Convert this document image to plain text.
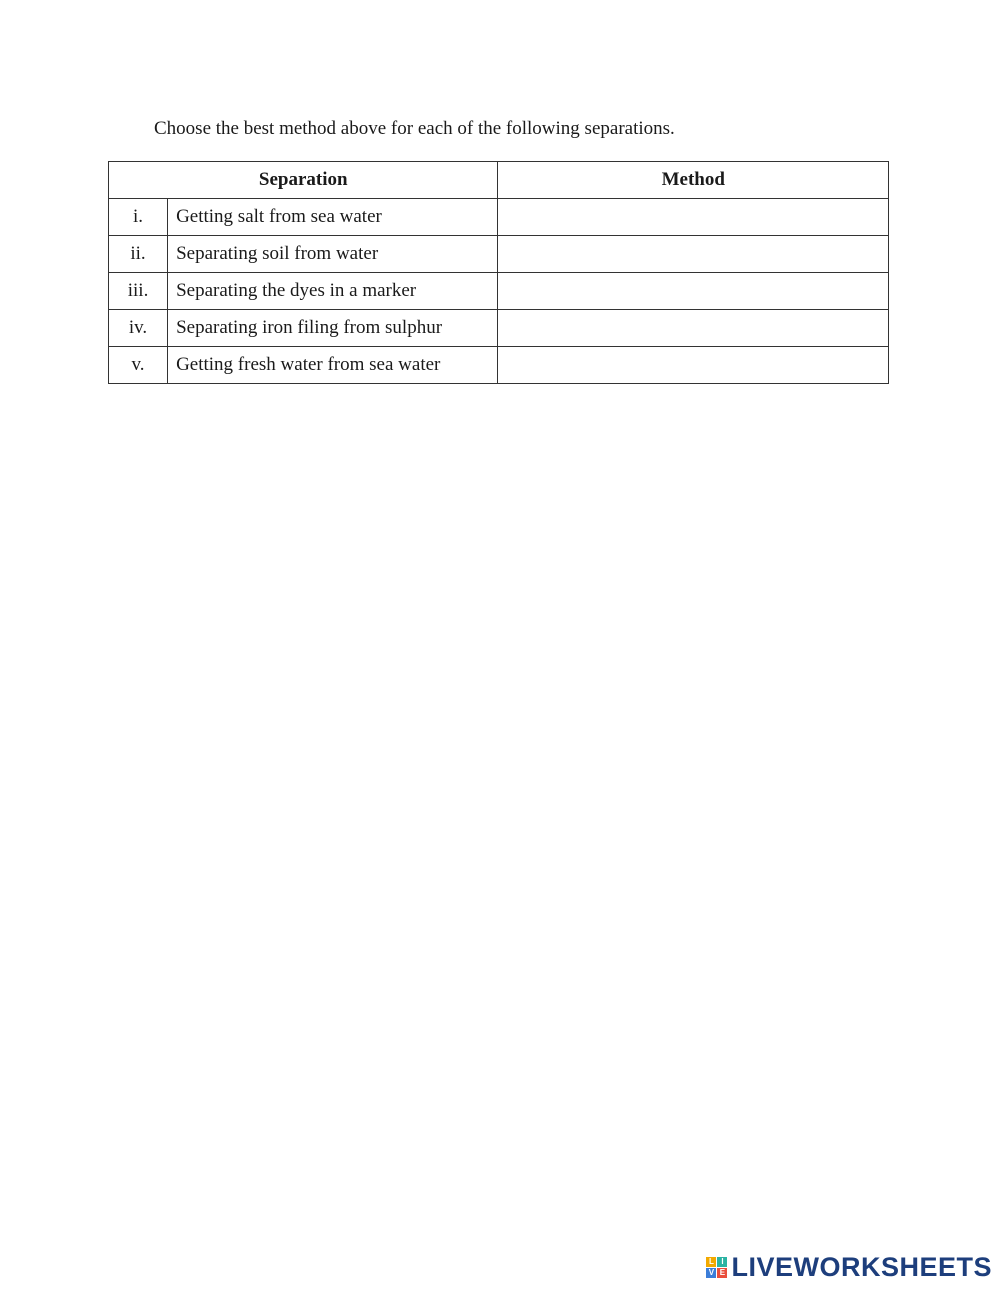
Choose the best method above for each of the following separations.
Separation		Method
i.	Getting salt from sea water	
ii.	Separating soil from water	
iii.	Separating the dyes in a marker	
iv.	Separating iron filing from sulphur	
v.	Getting fresh water from sea water	
L I
V E LIVEWORKSHEETS
